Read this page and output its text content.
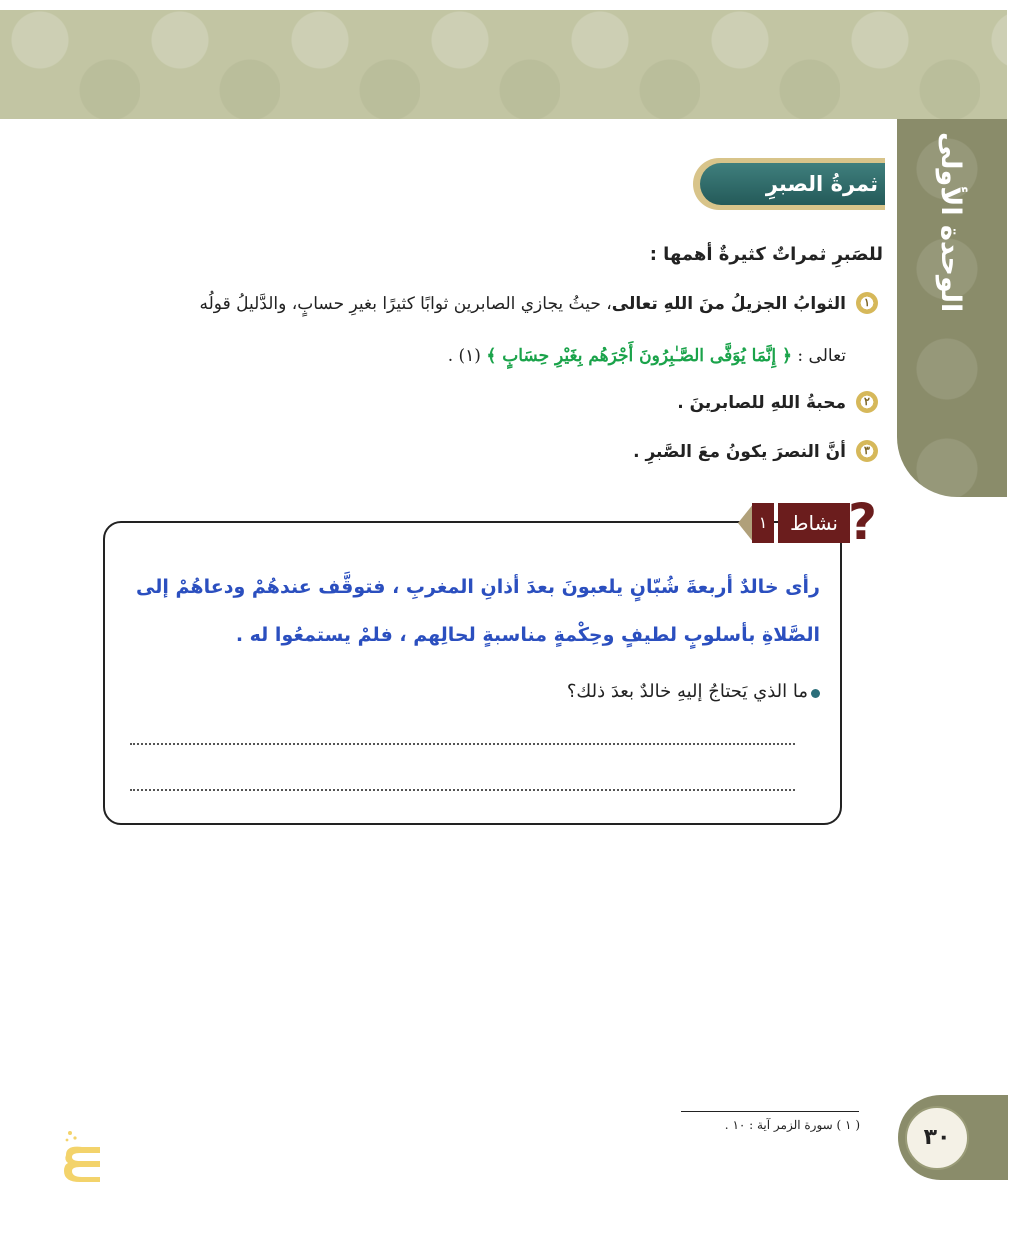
الوحدة الأولى
ثمرةُ الصبرِ
للصَبرِ ثمراتٌ كثيرةٌ أهمها :
١
الثوابُ الجزيلُ منَ اللهِ تعالى، حيثُ يجازي الصابرين ثوابًا كثيرًا بغيرِ حسابٍ، والدَّليلُ قولُه
تعالى : ﴿ إِنَّمَا يُوَفَّى الصَّـٰبِرُونَ أَجْرَهُم بِغَيْرِ حِسَابٍ ﴾ (١) .
٢
محبةُ اللهِ للصابرينَ .
٣
أنَّ النصرَ يكونُ معَ الصَّبرِ .
١	نشاط ?
رأى خالدٌ أربعةَ شُبّانٍ يلعبونَ بعدَ أذانِ المغربِ ، فتوقَّف عندهُمْ ودعاهُمْ إلى الصَّلاةِ بأسلوبٍ لطيفٍ وحِكْمةٍ مناسبةٍ لحالِهم ، فلمْ يستمعُوا له .
ما الذي يَحتاجُ إليهِ خالدٌ بعدَ ذلك؟
( ١ ) سورة الزمر آية : ١٠ .	٣٠
